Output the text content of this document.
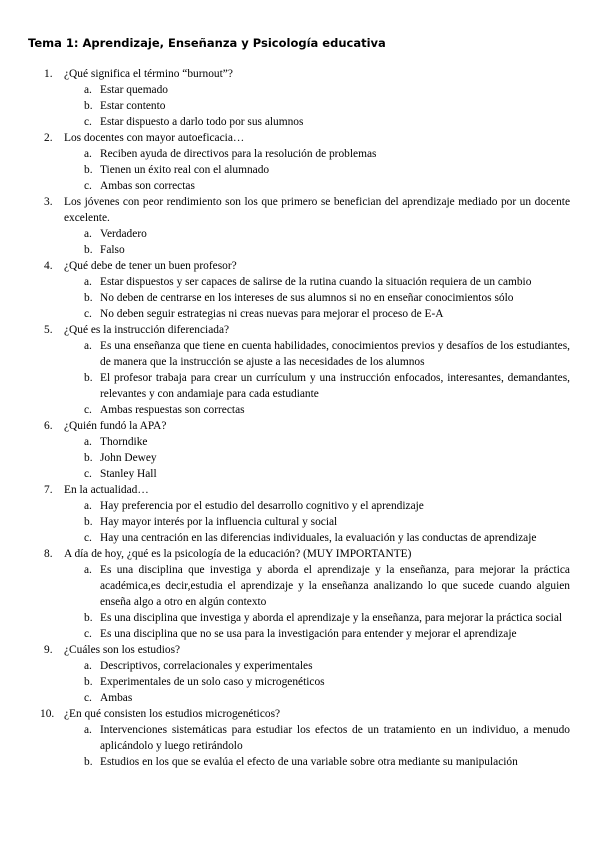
Tema 1: Aprendizaje, Enseñanza y Psicología educativa
1.	¿Qué significa el término “burnout”?
a. Estar quemado
b. Estar contento
c. Estar dispuesto a darlo todo por sus alumnos
2.	Los docentes con mayor autoeficacia…
a. Reciben ayuda de directivos para la resolución de problemas
b. Tienen un éxito real con el alumnado
c. Ambas son correctas
3.	Los jóvenes con peor rendimiento son los que primero se benefician del aprendizaje mediado por un docente excelente.
a. Verdadero
b. Falso
4.	¿Qué debe de tener un buen profesor?
a. Estar dispuestos y ser capaces de salirse de la rutina cuando la situación requiera de un cambio
b. No deben de centrarse en los intereses de sus alumnos si no en enseñar conocimientos sólo
c. No deben seguir estrategias ni creas nuevas para mejorar el proceso de E-A
5.	¿Qué es la instrucción diferenciada?
a. Es una enseñanza que tiene en cuenta habilidades, conocimientos previos y desafíos de los estudiantes, de manera que la instrucción se ajuste a las necesidades de los alumnos
b. El profesor trabaja para crear un currículum y una instrucción enfocados, interesantes, demandantes, relevantes y con andamiaje para cada estudiante
c. Ambas respuestas son correctas
6.	¿Quién fundó la APA?
a. Thorndike
b. John Dewey
c. Stanley Hall
7.	En la actualidad…
a. Hay preferencia por el estudio del desarrollo cognitivo y el aprendizaje
b. Hay mayor interés por la influencia cultural y social
c. Hay una centración en las diferencias individuales, la evaluación y las conductas de aprendizaje
8.	A día de hoy, ¿qué es la psicología de la educación? (MUY IMPORTANTE)
a. Es una disciplina que investiga y aborda el aprendizaje y la enseñanza, para mejorar la práctica académica,es decir,estudia el aprendizaje y la enseñanza analizando lo que sucede cuando alguien enseña algo a otro en algún contexto
b. Es una disciplina que investiga y aborda el aprendizaje y la enseñanza, para mejorar la práctica social
c. Es una disciplina que no se usa para la investigación para entender y mejorar el aprendizaje
9.	¿Cuáles son los estudios?
a. Descriptivos, correlacionales y experimentales
b. Experimentales de un solo caso y microgenéticos
c. Ambas
10. ¿En qué consisten los estudios microgenéticos?
a. Intervenciones sistemáticas para estudiar los efectos de un tratamiento en un individuo, a menudo aplicándolo y luego retirándolo
b. Estudios en los que se evalúa el efecto de una variable sobre otra mediante su manipulación
